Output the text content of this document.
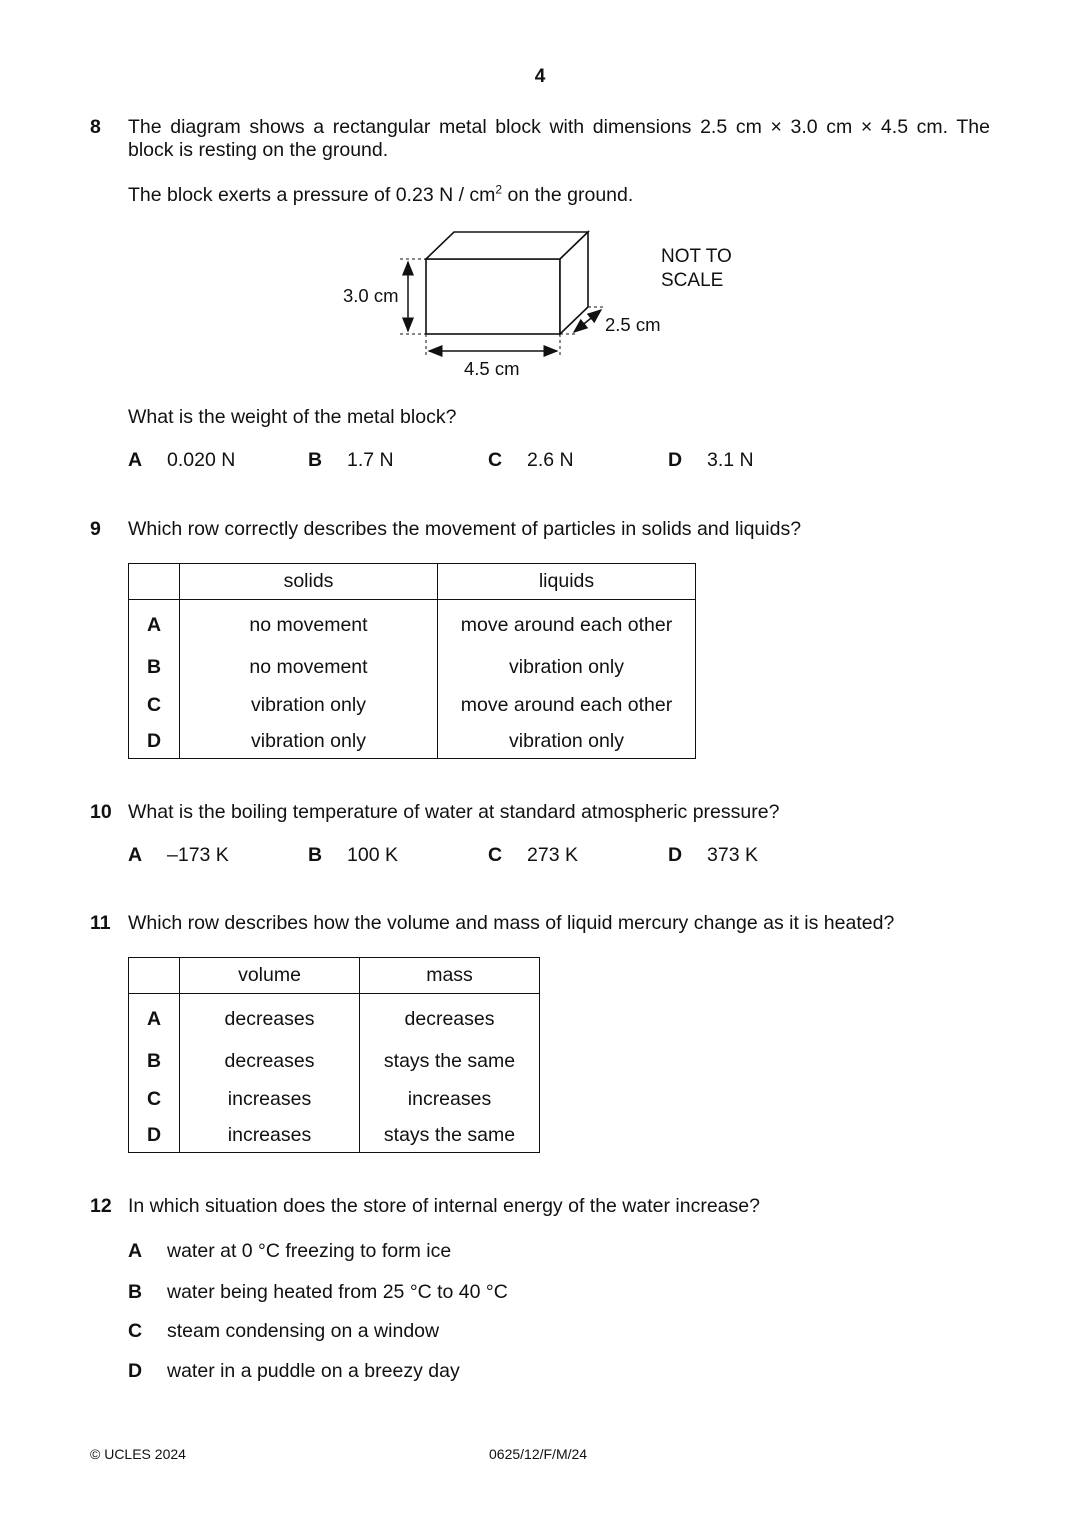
4
8 The diagram shows a rectangular metal block with dimensions 2.5 cm × 3.0 cm × 4.5 cm. The
block is resting on the ground.
The block exerts a pressure of 0.23 N / $cm^2$ on the ground.
3.0 cm
4.5 cm
2.5 cm
NOT TO
SCALE
What is the weight of the metal block?
A 0.020 N	B 1.7 N	C 2.6 N	D 3.1 N
9 Which row correctly describes the movement of particles in solids and liquids?
	solids	liquids
A	no movement	move around each other
B	no movement	vibration only
C	vibration only	move around each other
D	vibration only	vibration only
10 What is the boiling temperature of water at standard atmospheric pressure?
A –173 K	B 100 K	C 273 K	D 373 K
11 Which row describes how the volume and mass of liquid mercury change as it is heated?
	volume	mass
A	decreases	decreases
B	decreases	stays the same
C	increases	increases
D	increases	stays the same
12 In which situation does the store of internal energy of the water increase?
A water at 0 °C freezing to form ice
B water being heated from 25 °C to 40 °C
C steam condensing on a window
D water in a puddle on a breezy day
© UCLES 2024	0625/12/F/M/24
